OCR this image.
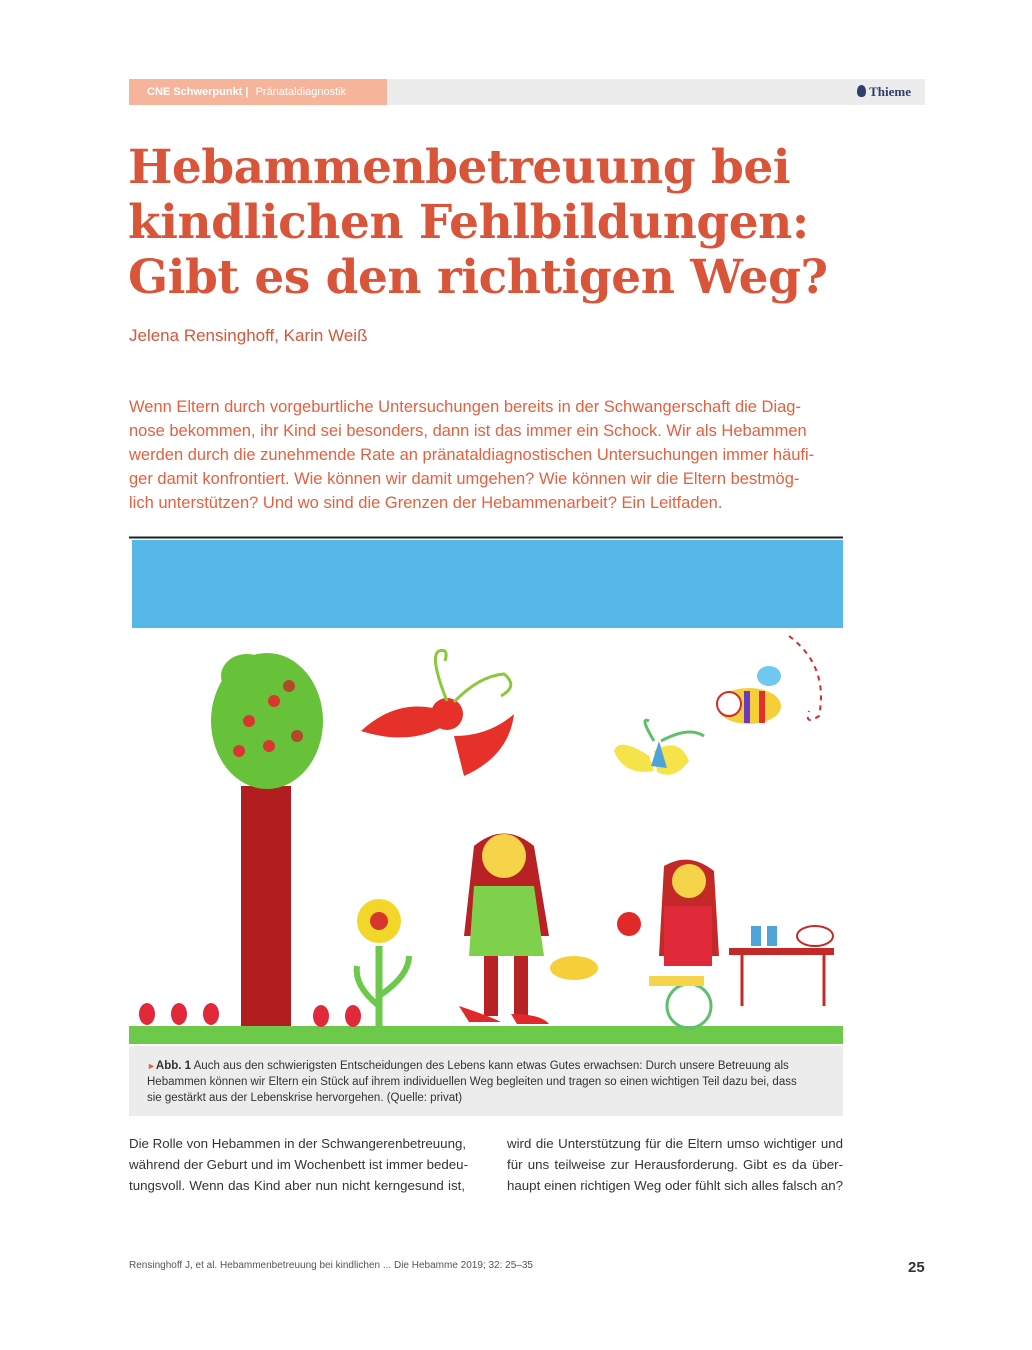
CNE Schwerpunkt | Pränataldiagnostik	Thieme
Hebammenbetreuung bei
kindlichen Fehlbildungen:
Gibt es den richtigen Weg?
Jelena Rensinghoff, Karin Weiß

Wenn Eltern durch vorgeburtliche Untersuchungen bereits in der Schwangerschaft die Diag-
nose bekommen, ihr Kind sei besonders, dann ist das immer ein Schock. Wir als Hebammen
werden durch die zunehmende Rate an pränataldiagnostischen Untersuchungen immer häufi-
ger damit konfrontiert. Wie können wir damit umgehen? Wie können wir die Eltern bestmög-
lich unterstützen? Und wo sind die Grenzen der Hebammenarbeit? Ein Leitfaden.

►Abb. 1 Auch aus den schwierigsten Entscheidungen des Lebens kann etwas Gutes erwachsen: Durch unsere Betreuung als
Hebammen können wir Eltern ein Stück auf ihrem individuellen Weg begleiten und tragen so einen wichtigen Teil dazu bei, dass
sie gestärkt aus der Lebenskrise hervorgehen. (Quelle: privat)
Die Rolle von Hebammen in der Schwangerenbetreuung,
während der Geburt und im Wochenbett ist immer bedeu-
tungsvoll. Wenn das Kind aber nun nicht kerngesund ist,
wird die Unterstützung für die Eltern umso wichtiger und
für uns teilweise zur Herausforderung. Gibt es da über-
haupt einen richtigen Weg oder fühlt sich alles falsch an?
Rensinghoff J, et al. Hebammenbetreuung bei kindlichen ... Die Hebamme 2019; 32: 25–35	25
